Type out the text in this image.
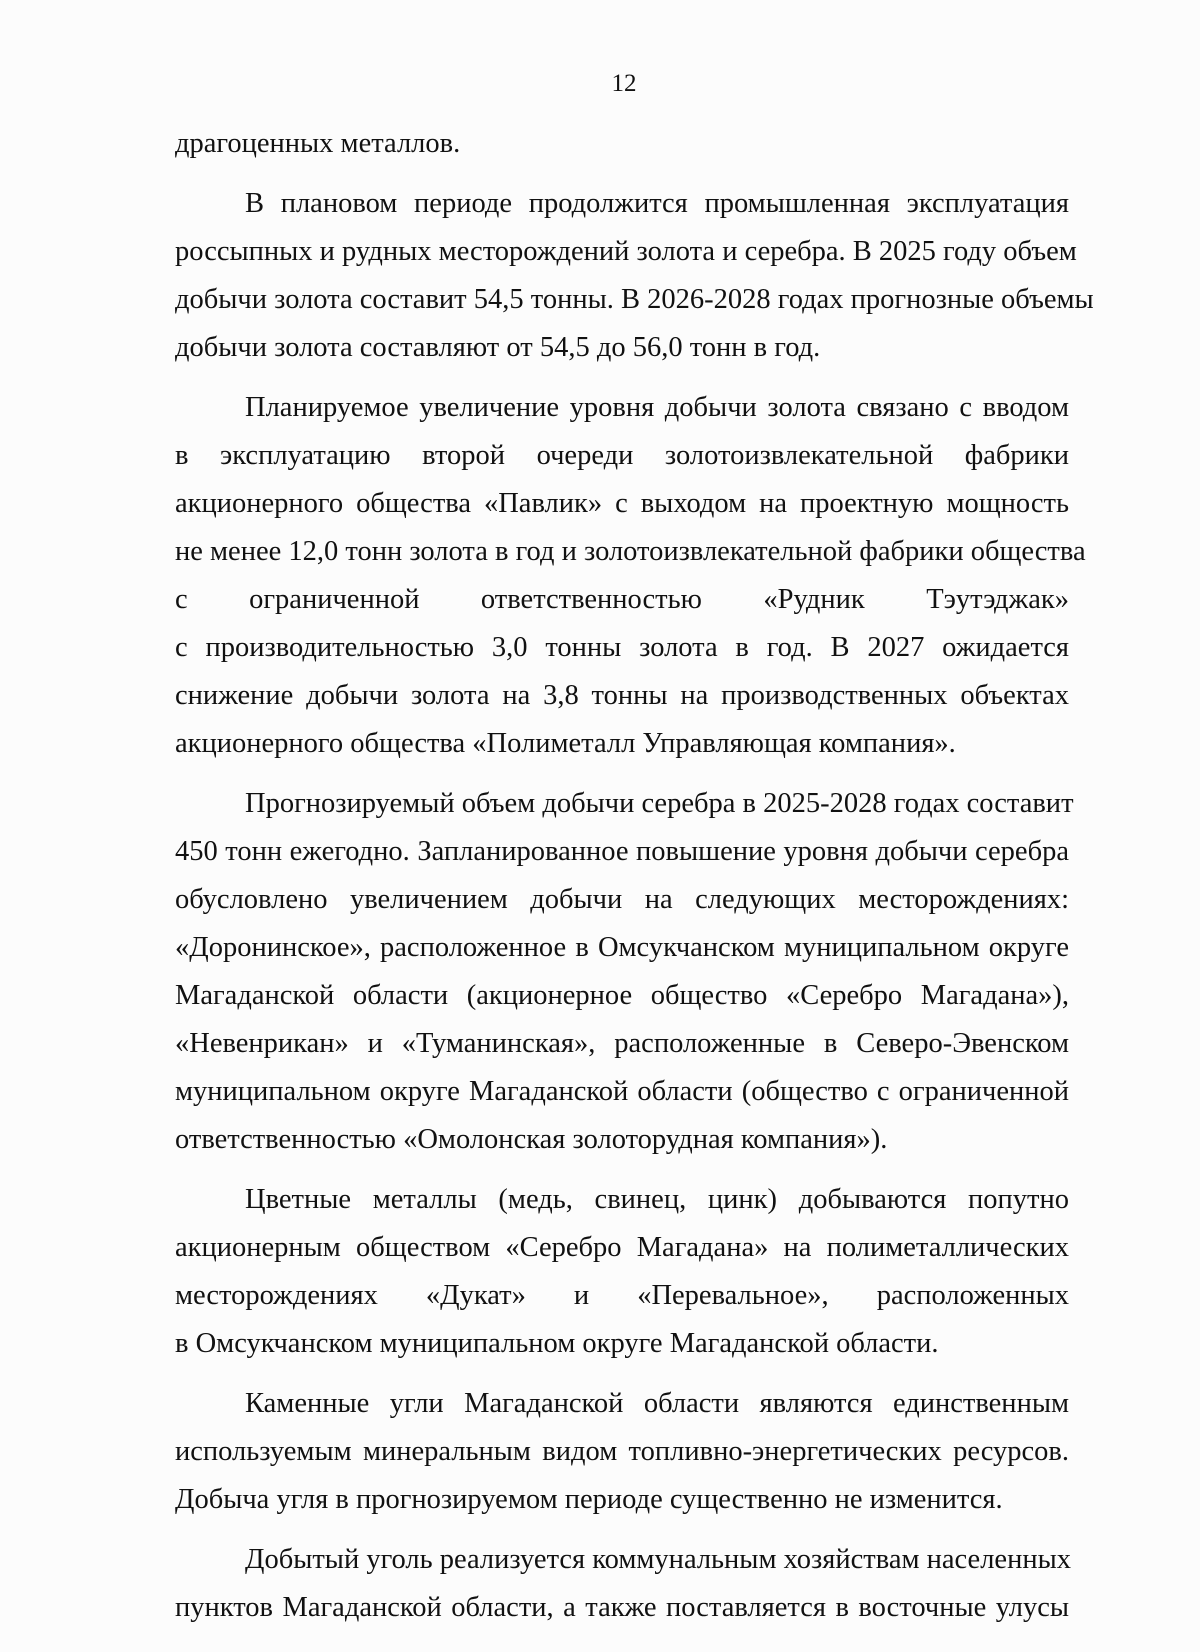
12
драгоценных металлов.
В плановом периоде продолжится промышленная эксплуатация
россыпных и рудных месторождений золота и серебра. В 2025 году объем
добычи золота составит 54,5 тонны. В 2026-2028 годах прогнозные объемы
добычи золота составляют от 54,5 до 56,0 тонн в год.
Планируемое увеличение уровня добычи золота связано с вводом
в эксплуатацию второй очереди золотоизвлекательной фабрики
акционерного общества «Павлик» с выходом на проектную мощность
не менее 12,0 тонн золота в год и золотоизвлекательной фабрики общества
с ограниченной ответственностью «Рудник Тэутэджак»
с производительностью 3,0 тонны золота в год. В 2027 ожидается
снижение добычи золота на 3,8 тонны на производственных объектах
акционерного общества «Полиметалл Управляющая компания».
Прогнозируемый объем добычи серебра в 2025-2028 годах составит
450 тонн ежегодно. Запланированное повышение уровня добычи серебра
обусловлено увеличением добычи на следующих месторождениях:
«Доронинское», расположенное в Омсукчанском муниципальном округе
Магаданской области (акционерное общество «Серебро Магадана»),
«Невенрикан» и «Туманинская», расположенные в Северо-Эвенском
муниципальном округе Магаданской области (общество с ограниченной
ответственностью «Омолонская золоторудная компания»).
Цветные металлы (медь, свинец, цинк) добываются попутно
акционерным обществом «Серебро Магадана» на полиметаллических
месторождениях «Дукат» и «Перевальное», расположенных
в Омсукчанском муниципальном округе Магаданской области.
Каменные угли Магаданской области являются единственным
используемым минеральным видом топливно-энергетических ресурсов.
Добыча угля в прогнозируемом периоде существенно не изменится.
Добытый уголь реализуется коммунальным хозяйствам населенных
пунктов Магаданской области, а также поставляется в восточные улусы
